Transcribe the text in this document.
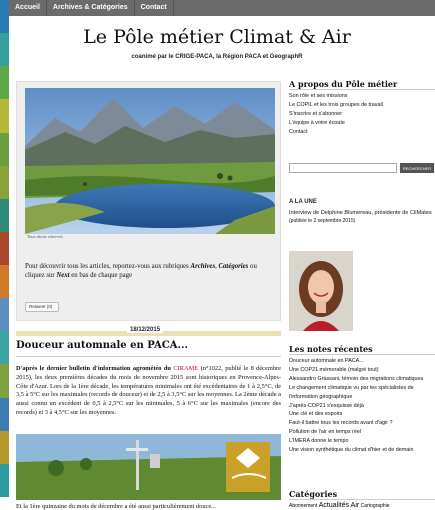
Accueil	Archives & Catégories	Contact
Le Pôle métier Climat & Air
coanimé par le CRIGE-PACA, la Région PACA et GeographR
Tous droits réservés
Pour découvrir tous les articles, reportez-vous aux rubriques Archives, Catégories ou cliquez sur Next en bas de chaque page
Retweet (0)
18/12/2015
Douceur automnale en PACA...
D'après le dernier bulletin d'information agrométéo du CIRAME (n°1022, publié le 8 décembre 2015), les deux premières décades du mois de novembre 2015 sont historiques en Provence-Alpes-Côte d'Azur. Lors de la 1ère décade, les températures minimales ont été excédentaires de 1 à 2,5°C, de 3,5 à 5°C sur les maximales (records de douceur) et de 2,5 à 3,5°C sur les moyennes. La 2ème décade a aussi connu un excédent de 0,5 à 2,5°C sur les minimales, 5 à 6°C sur les maximales (encore des records) et 3 à 4,5°C sur les moyennes.
Les relations climat agriculture
CIRAME
Et la 1ère quinzaine du mois de décembre a été aussi particulièrement douce...
A propos du Pôle métier
Son rôle et ses missions
Le COPIL et les trois groupes de travail
S'inscrire et s'abonner
L'équipe à votre écoute
Contact
RECHERCHER
A LA UNE
Interview de Delphine Blumereau, présidente de CliMates
(publiée le 2 septembre 2015)
Les notes récentes
Douceur automnale en PACA...
Une COP21 mémorable (malgré tout)
Alessandro Grassani, témoin des migrations climatiques
Le changement climatique vu par les spécialistes de l'information géographique
J'après-COP21 s'esquisse déjà
Une clé et des espoirs
Faut-il battre tous les records avant d'agir ?
Pollution de l'air en temps réel
L'IMERA donne le tempo
Une vision synthétique du climat d'hier et de demain
Catégories
Abonnement Actualités Air Cartographie
